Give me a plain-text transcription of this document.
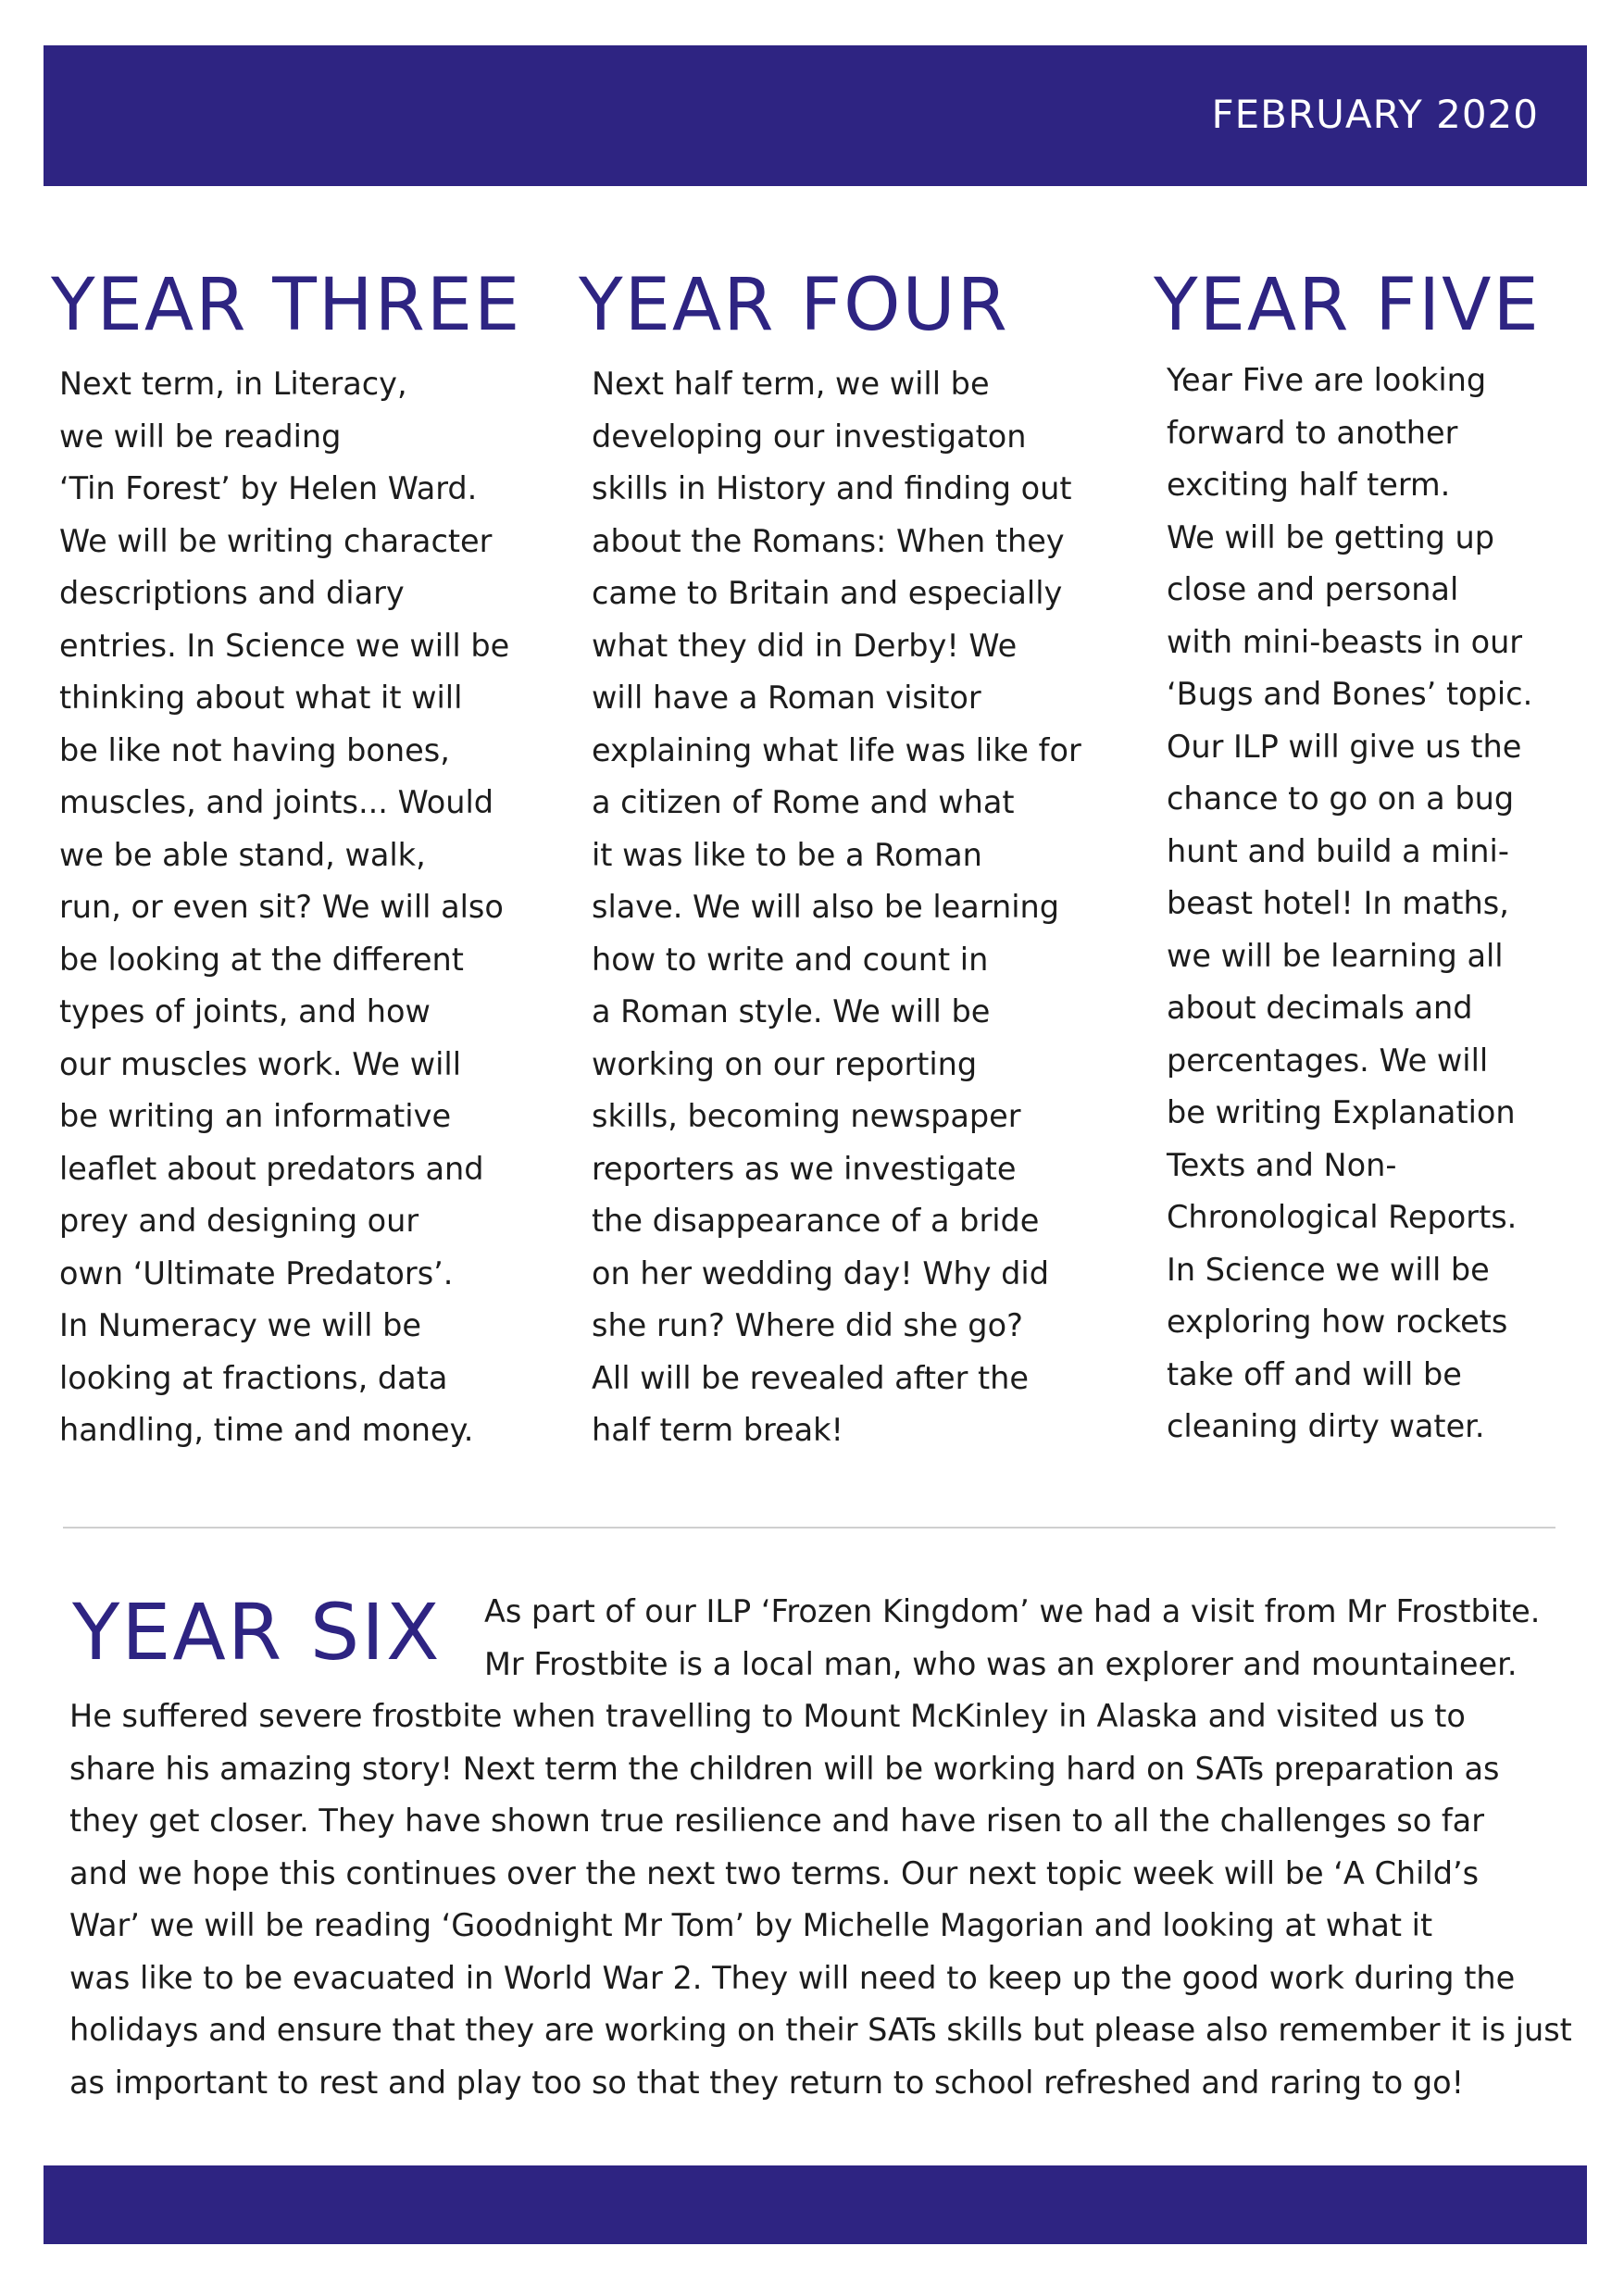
FEBRUARY 2020
YEAR THREE

Next term, in Literacy,
we will be reading
‘Tin Forest’ by Helen Ward.
We will be writing character
descriptions and diary
entries. In Science we will be
thinking about what it will
be like not having bones,
muscles, and joints... Would
we be able stand, walk,
run, or even sit? We will also
be looking at the different
types of joints, and how
our muscles work. We will
be writing an informative
leaflet about predators and
prey and designing our
own ‘Ultimate Predators’.
In Numeracy we will be
looking at fractions, data
handling, time and money.

YEAR FOUR

Next half term, we will be
developing our investigaton
skills in History and finding out
about the Romans: When they
came to Britain and especially
what they did in Derby! We
will have a Roman visitor
explaining what life was like for
a citizen of Rome and what
it was like to be a Roman
slave. We will also be learning
how to write and count in
a Roman style. We will be
working on our reporting
skills, becoming newspaper
reporters as we investigate
the disappearance of a bride
on her wedding day! Why did
she run? Where did she go?
All will be revealed after the
half term break!

YEAR FIVE

Year Five are looking
forward to another
exciting half term.
We will be getting up
close and personal
with mini-beasts in our
‘Bugs and Bones’ topic.
Our ILP will give us the
chance to go on a bug
hunt and build a mini-
beast hotel! In maths,
we will be learning all
about decimals and
percentages. We will
be writing Explanation
Texts and Non-
Chronological Reports.
In Science we will be
exploring how rockets
take off and will be
cleaning dirty water.

YEAR SIX As part of our ILP ‘Frozen Kingdom’ we had a visit from Mr Frostbite.
Mr Frostbite is a local man, who was an explorer and mountaineer.

He suffered severe frostbite when travelling to Mount McKinley in Alaska and visited us to
share his amazing story! Next term the children will be working hard on SATs preparation as
they get closer. They have shown true resilience and have risen to all the challenges so far
and we hope this continues over the next two terms. Our next topic week will be ‘A Child’s
War’ we will be reading ‘Goodnight Mr Tom’ by Michelle Magorian and looking at what it
was like to be evacuated in World War 2. They will need to keep up the good work during the
holidays and ensure that they are working on their SATs skills but please also remember it is just
as important to rest and play too so that they return to school refreshed and raring to go!
